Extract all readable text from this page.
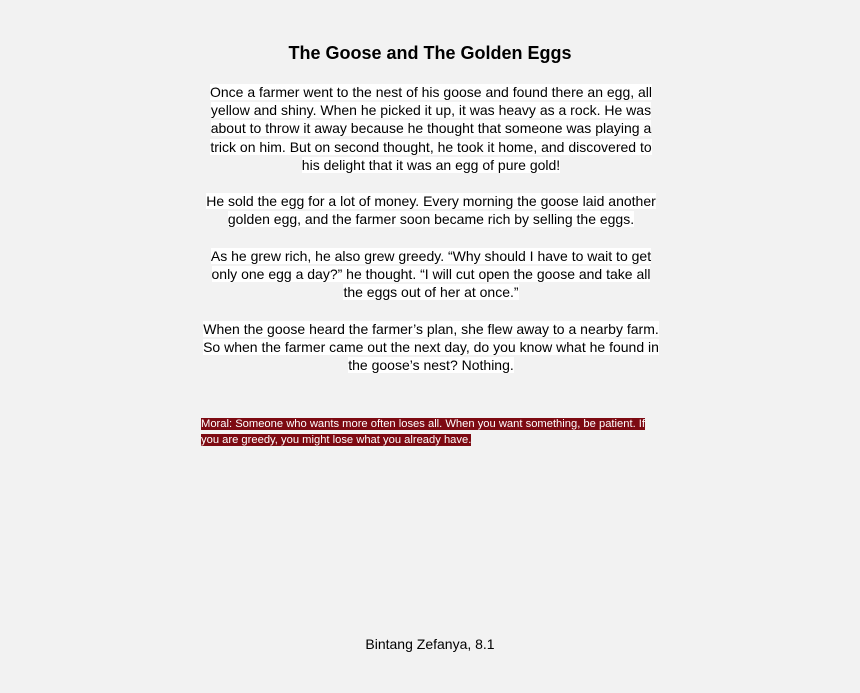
The Goose and The Golden Eggs

Once a farmer went to the nest of his goose and found there an egg, all yellow and shiny. When he picked it up, it was heavy as a rock. He was about to throw it away because he thought that someone was playing a trick on him. But on second thought, he took it home, and discovered to his delight that it was an egg of pure gold!

He sold the egg for a lot of money. Every morning the goose laid another golden egg, and the farmer soon became rich by selling the eggs.

As he grew rich, he also grew greedy. “Why should I have to wait to get only one egg a day?” he thought. “I will cut open the goose and take all the eggs out of her at once.”

When the goose heard the farmer’s plan, she flew away to a nearby farm. So when the farmer came out the next day, do you know what he found in the goose’s nest? Nothing.

Moral: Someone who wants more often loses all. When you want something, be patient. If you are greedy, you might lose what you already have.
Bintang Zefanya, 8.1
